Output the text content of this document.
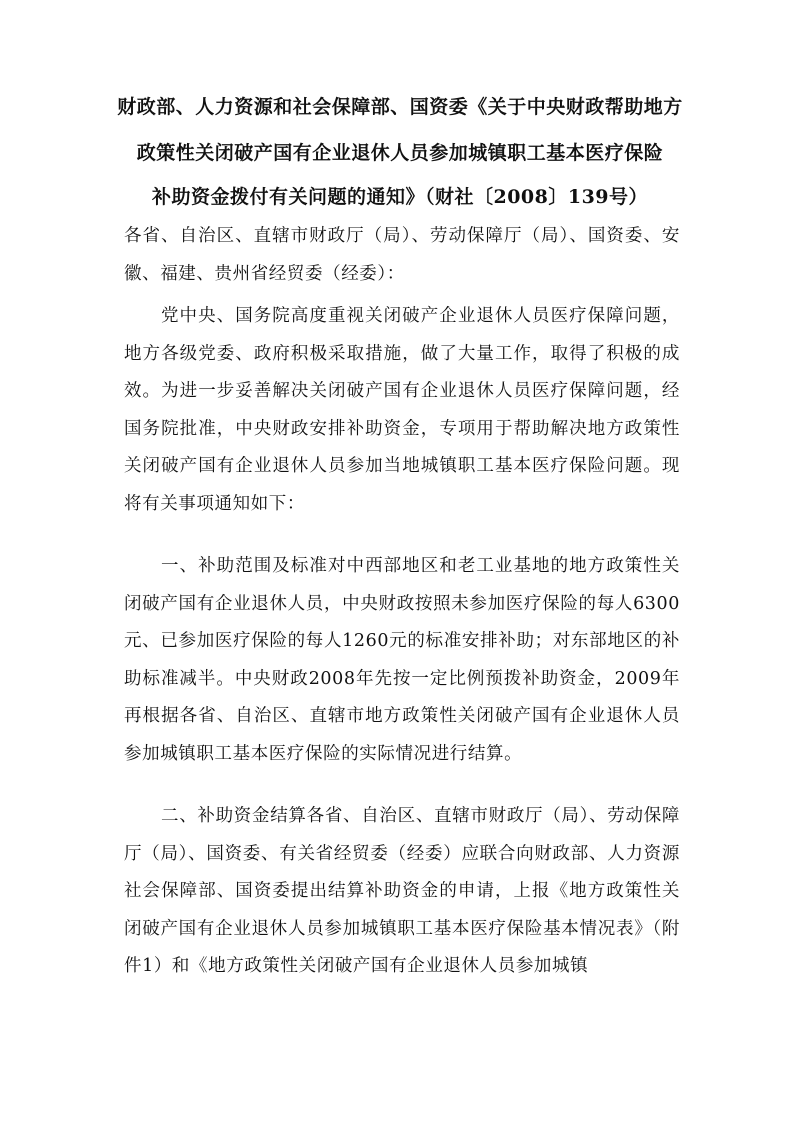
财政部、人力资源和社会保障部、国资委《关于中央财政帮助地方

政策性关闭破产国有企业退休人员参加城镇职工基本医疗保险

补助资金拨付有关问题的通知》（财社〔2008〕139号）

各省、自治区、直辖市财政厅（局）、劳动保障厅（局）、国资委、安徽、福建、贵州省经贸委（经委）：

党中央、国务院高度重视关闭破产企业退休人员医疗保障问题，地方各级党委、政府积极采取措施，做了大量工作，取得了积极的成效。为进一步妥善解决关闭破产国有企业退休人员医疗保障问题，经国务院批准，中央财政安排补助资金，专项用于帮助解决地方政策性关闭破产国有企业退休人员参加当地城镇职工基本医疗保险问题。现将有关事项通知如下：

一、补助范围及标准对中西部地区和老工业基地的地方政策性关闭破产国有企业退休人员，中央财政按照未参加医疗保险的每人6300元、已参加医疗保险的每人1260元的标准安排补助；对东部地区的补助标准减半。中央财政2008年先按一定比例预拨补助资金，2009年再根据各省、自治区、直辖市地方政策性关闭破产国有企业退休人员参加城镇职工基本医疗保险的实际情况进行结算。

二、补助资金结算各省、自治区、直辖市财政厅（局）、劳动保障厅（局）、国资委、有关省经贸委（经委）应联合向财政部、人力资源社会保障部、国资委提出结算补助资金的申请，上报《地方政策性关闭破产国有企业退休人员参加城镇职工基本医疗保险基本情况表》（附件1）和《地方政策性关闭破产国有企业退休人员参加城镇
